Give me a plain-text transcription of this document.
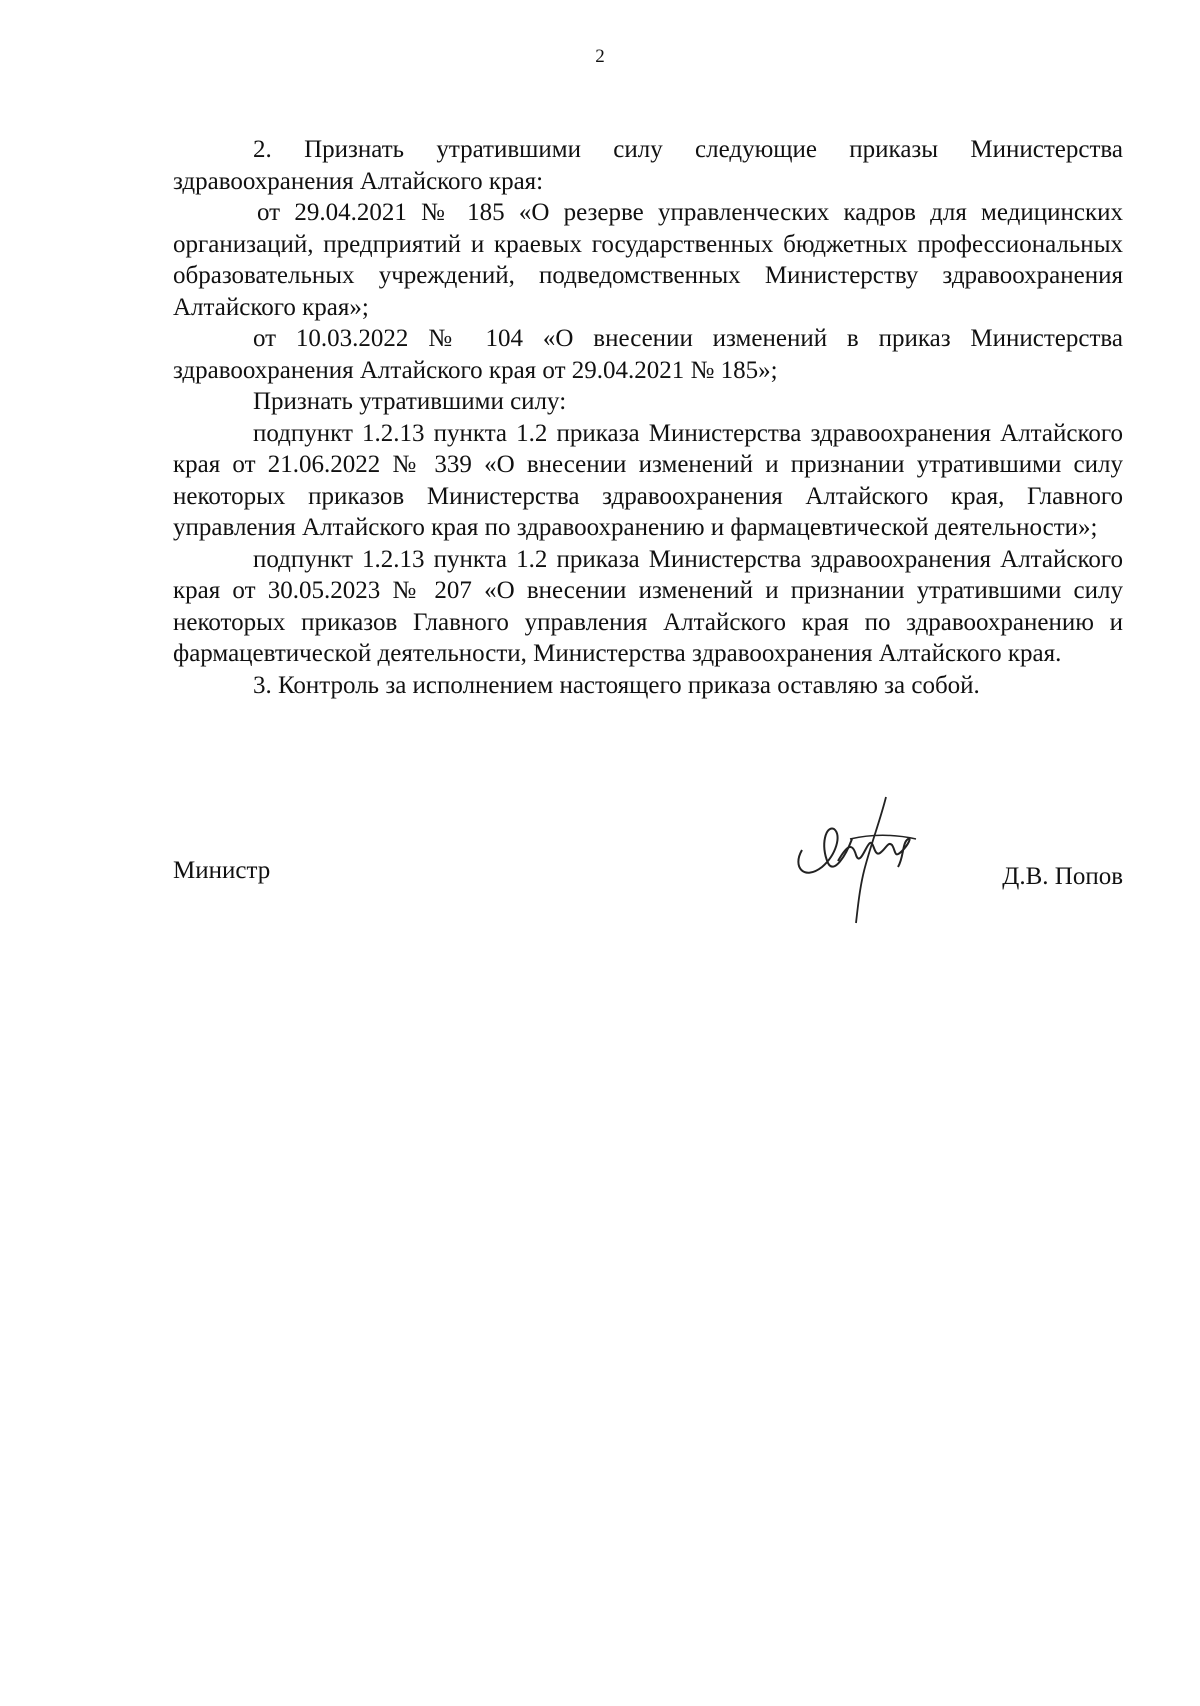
2

2. Признать утратившими силу следующие приказы Министерства здравоохранения Алтайского края:

от 29.04.2021 № 185 «О резерве управленческих кадров для медицинских организаций, предприятий и краевых государственных бюджетных профессиональных образовательных учреждений, подведомственных Министерству здравоохранения Алтайского края»;

от 10.03.2022 № 104 «О внесении изменений в приказ Министерства здравоохранения Алтайского края от 29.04.2021 № 185»;

Признать утратившими силу:

подпункт 1.2.13 пункта 1.2 приказа Министерства здравоохранения Алтайского края от 21.06.2022 № 339 «О внесении изменений и признании утратившими силу некоторых приказов Министерства здравоохранения Алтайского края, Главного управления Алтайского края по здравоохранению и фармацевтической деятельности»;

подпункт 1.2.13 пункта 1.2 приказа Министерства здравоохранения Алтайского края от 30.05.2023 № 207 «О внесении изменений и признании утратившими силу некоторых приказов Главного управления Алтайского края по здравоохранению и фармацевтической деятельности, Министерства здравоохранения Алтайского края.

3. Контроль за исполнением настоящего приказа оставляю за собой.

Министр	Д.В. Попов
